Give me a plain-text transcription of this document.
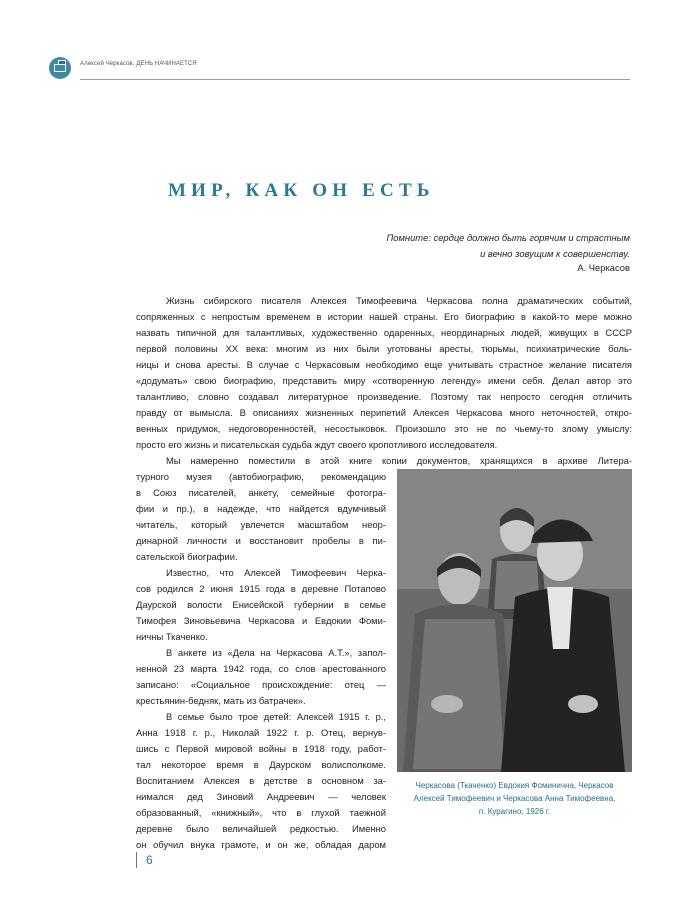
Алексей Черкасов. ДЕНЬ НАЧИНАЕТСЯ
МИР, КАК ОН ЕСТЬ
Помните: сердце должно быть горячим и страстным
и вечно зовущим к совершенству.
А. Черкасов
Жизнь сибирского писателя Алексея Тимофеевича Черкасова полна драматических событий,
сопряженных с непростым временем в истории нашей страны. Его биографию в какой-то мере можно
назвать типичной для талантливых, художественно одаренных, неординарных людей, живущих в СССР
первой половины XX века: многим из них были уготованы аресты, тюрьмы, психиатрические боль-
ницы и снова аресты. В случае с Черкасовым необходимо еще учитывать страстное желание писателя
«додумать» свою биографию, представить миру «сотворенную легенду» имени себя. Делал автор это
талантливо, словно создавал литературное произведение. Поэтому так непросто сегодня отличить
правду от вымысла. В описаниях жизненных перипетий Алексея Черкасова много неточностей, откро-
венных придумок, недоговоренностей, несостыковок. Произошло это не по чьему-то злому умыслу:
просто его жизнь и писательская судьба ждут своего кропотливого исследователя.
Мы намеренно поместили в этой книге копии документов, хранящихся в архиве Литера-
турного музея (автобиографию, рекомендацию
в Союз писателей, анкету, семейные фотогра-
фии и пр.), в надежде, что найдется вдумчивый
читатель, который увлечется масштабом неор-
динарной личности и восстановит пробелы в пи-
сательской биографии.
Известно, что Алексей Тимофеевич Черка-
сов родился 2 июня 1915 года в деревне Потапово
Даурской волости Енисейской губернии в семье
Тимофея Зиновьевича Черкасова и Евдокии Фоми-
ничны Ткаченко.
В анкете из «Дела на Черкасова А.Т.», запол-
ненной 23 марта 1942 года, со слов арестованного
записано: «Социальное происхождение: отец —
крестьянин-бедняк, мать из батрачек».
В семье было трое детей: Алексей 1915 г. р.,
Анна 1918 г. р., Николай 1922 г. р. Отец, вернув-
шись с Первой мировой войны в 1918 году, работ-
тал некоторое время в Даурском волисполкоме.
Воспитанием Алексея в детстве в основном за-
нимался дед Зиновий Андреевич — человек
образованный, «книжный», что в глухой таежной
деревне было величайшей редкостью. Именно
он обучил внука грамоте, и он же, обладая даром
Черкасова (Ткаченко) Евдокия Фоминична, Черкасов
Алексей Тимофеевич и Черкасова Анна Тимофеевна,
п. Курагино, 1926 г.
6
